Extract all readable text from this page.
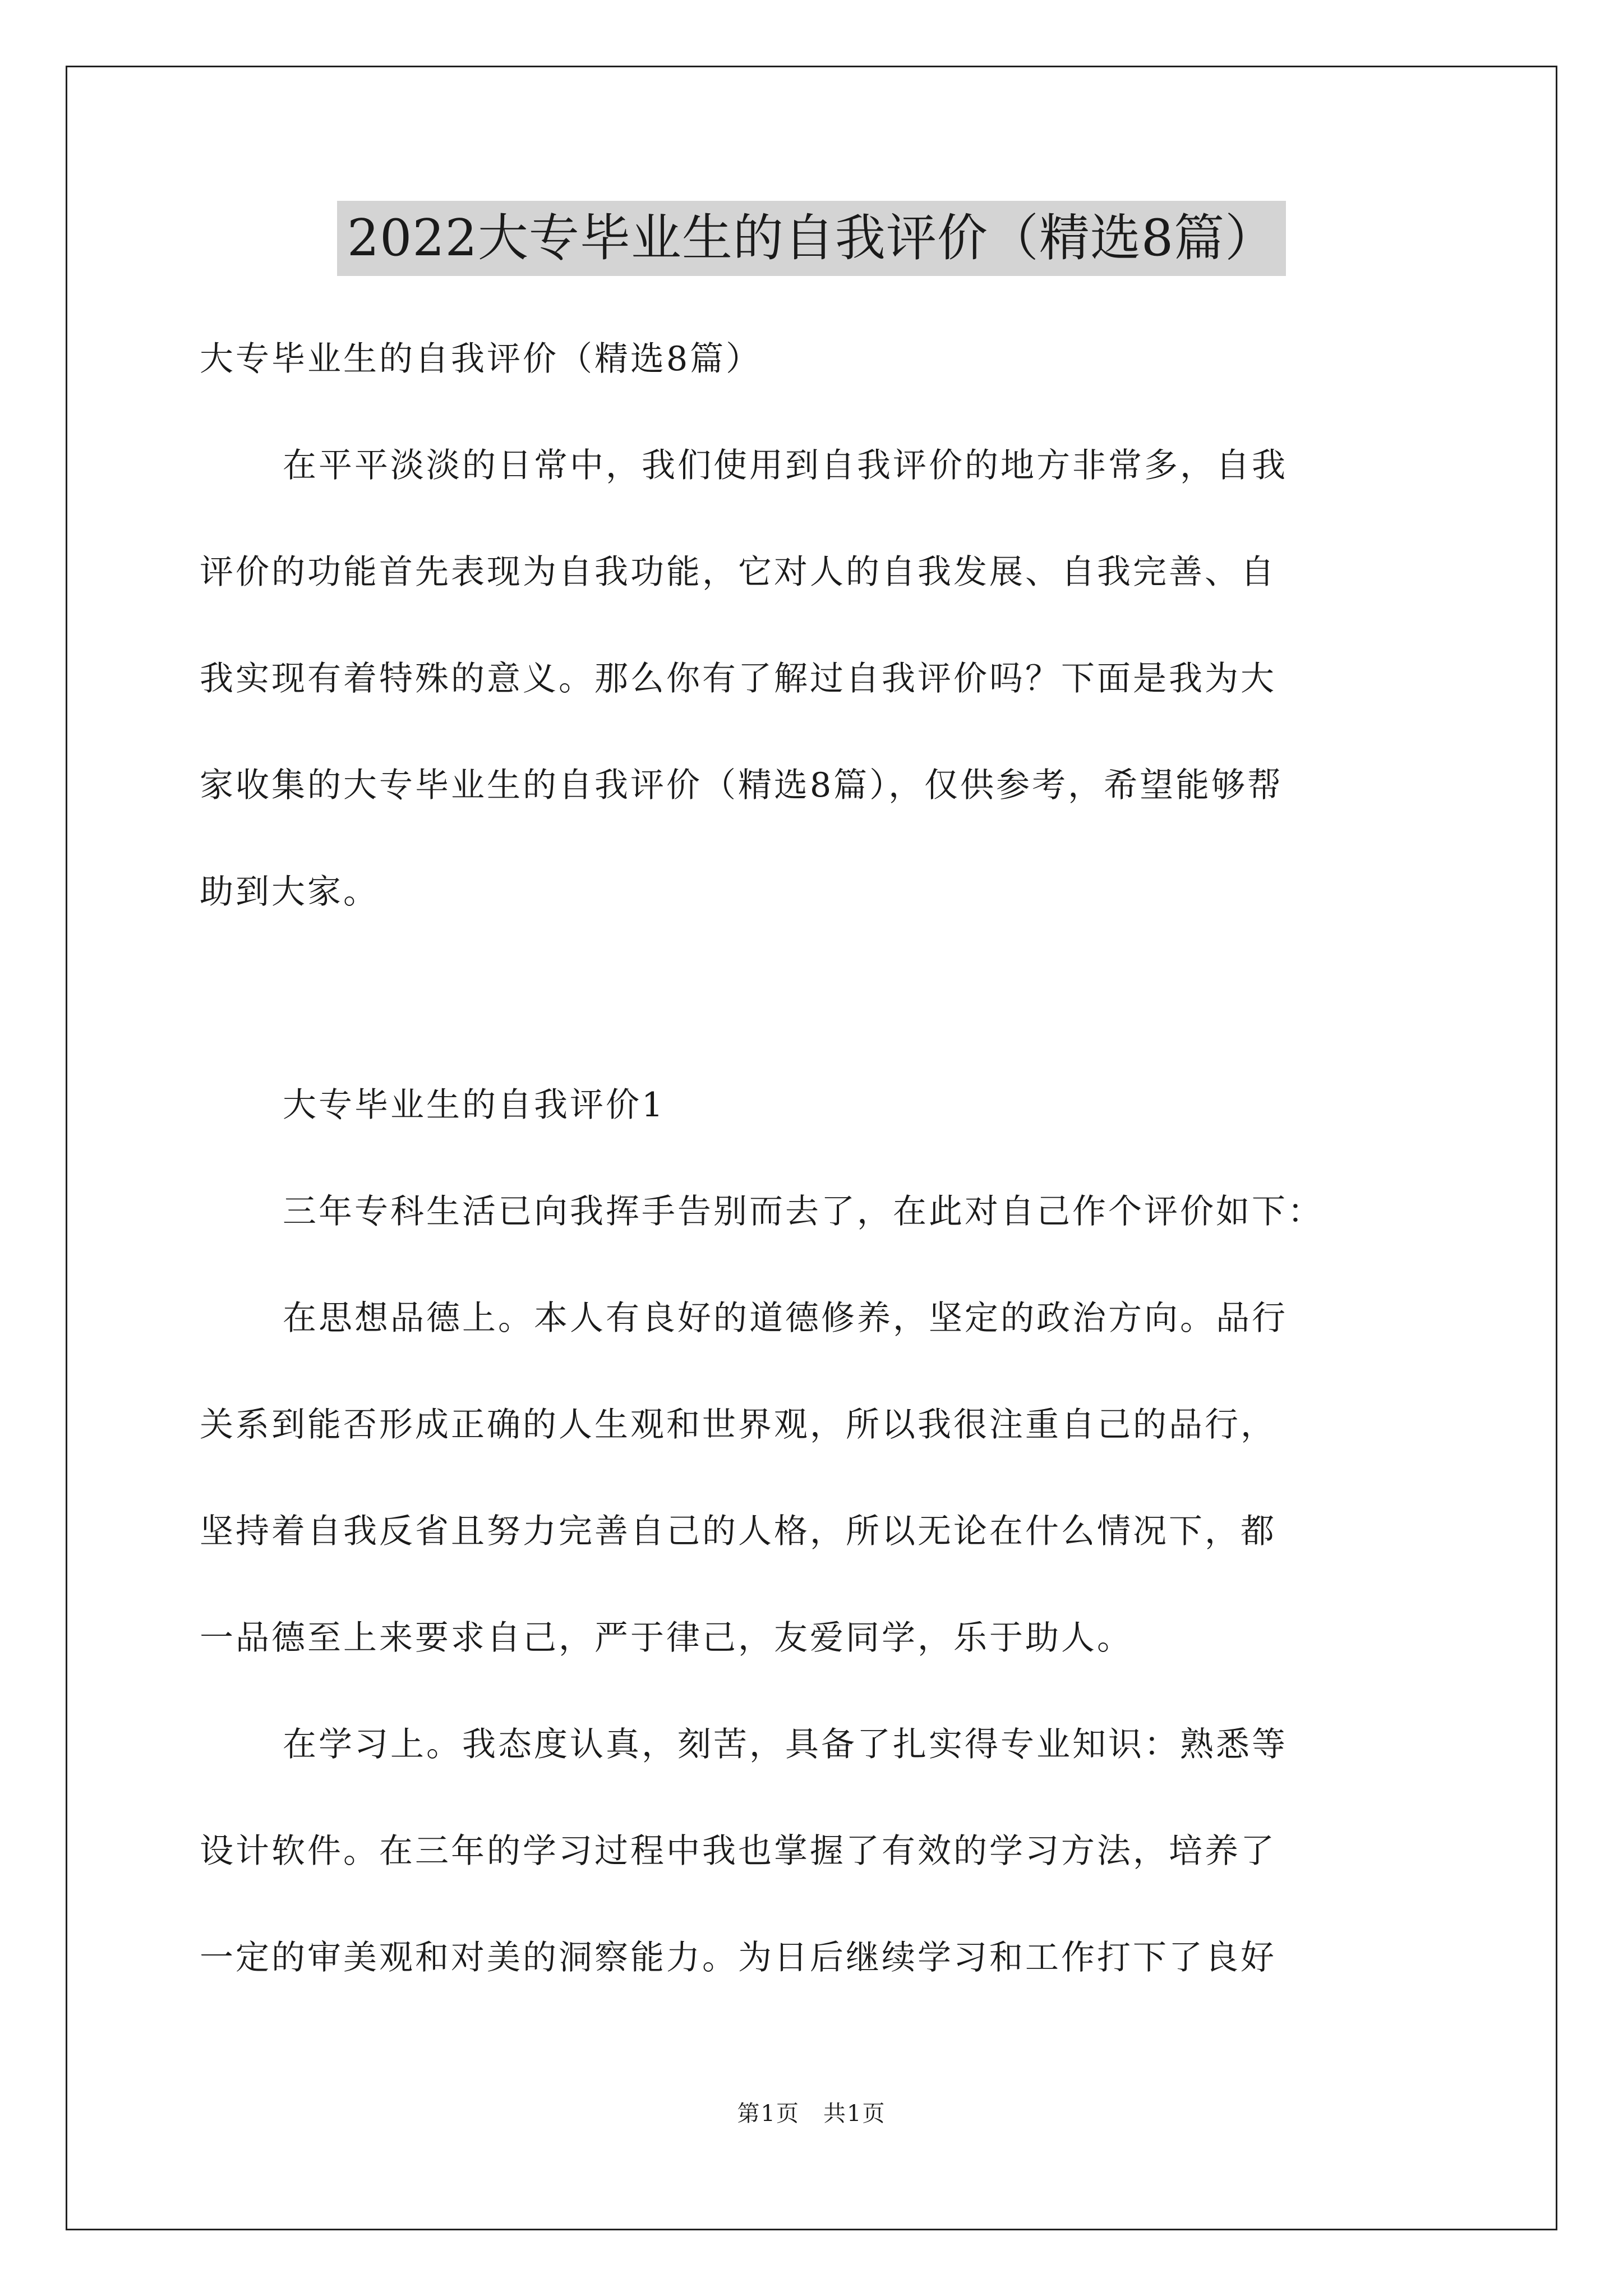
2022大专毕业生的自我评价（精选8篇）
大专毕业生的自我评价（精选8篇）
在平平淡淡的日常中，我们使用到自我评价的地方非常多，自我
评价的功能首先表现为自我功能，它对人的自我发展、自我完善、自
我实现有着特殊的意义。那么你有了解过自我评价吗？下面是我为大
家收集的大专毕业生的自我评价（精选8篇），仅供参考，希望能够帮
助到大家。
大专毕业生的自我评价1
三年专科生活已向我挥手告别而去了，在此对自己作个评价如下：
在思想品德上。本人有良好的道德修养，坚定的政治方向。品行
关系到能否形成正确的人生观和世界观，所以我很注重自己的品行，
坚持着自我反省且努力完善自己的人格，所以无论在什么情况下，都
一品德至上来要求自己，严于律己，友爱同学，乐于助人。
在学习上。我态度认真，刻苦，具备了扎实得专业知识：熟悉等
设计软件。在三年的学习过程中我也掌握了有效的学习方法，培养了
一定的审美观和对美的洞察能力。为日后继续学习和工作打下了良好
第1页　共1页
